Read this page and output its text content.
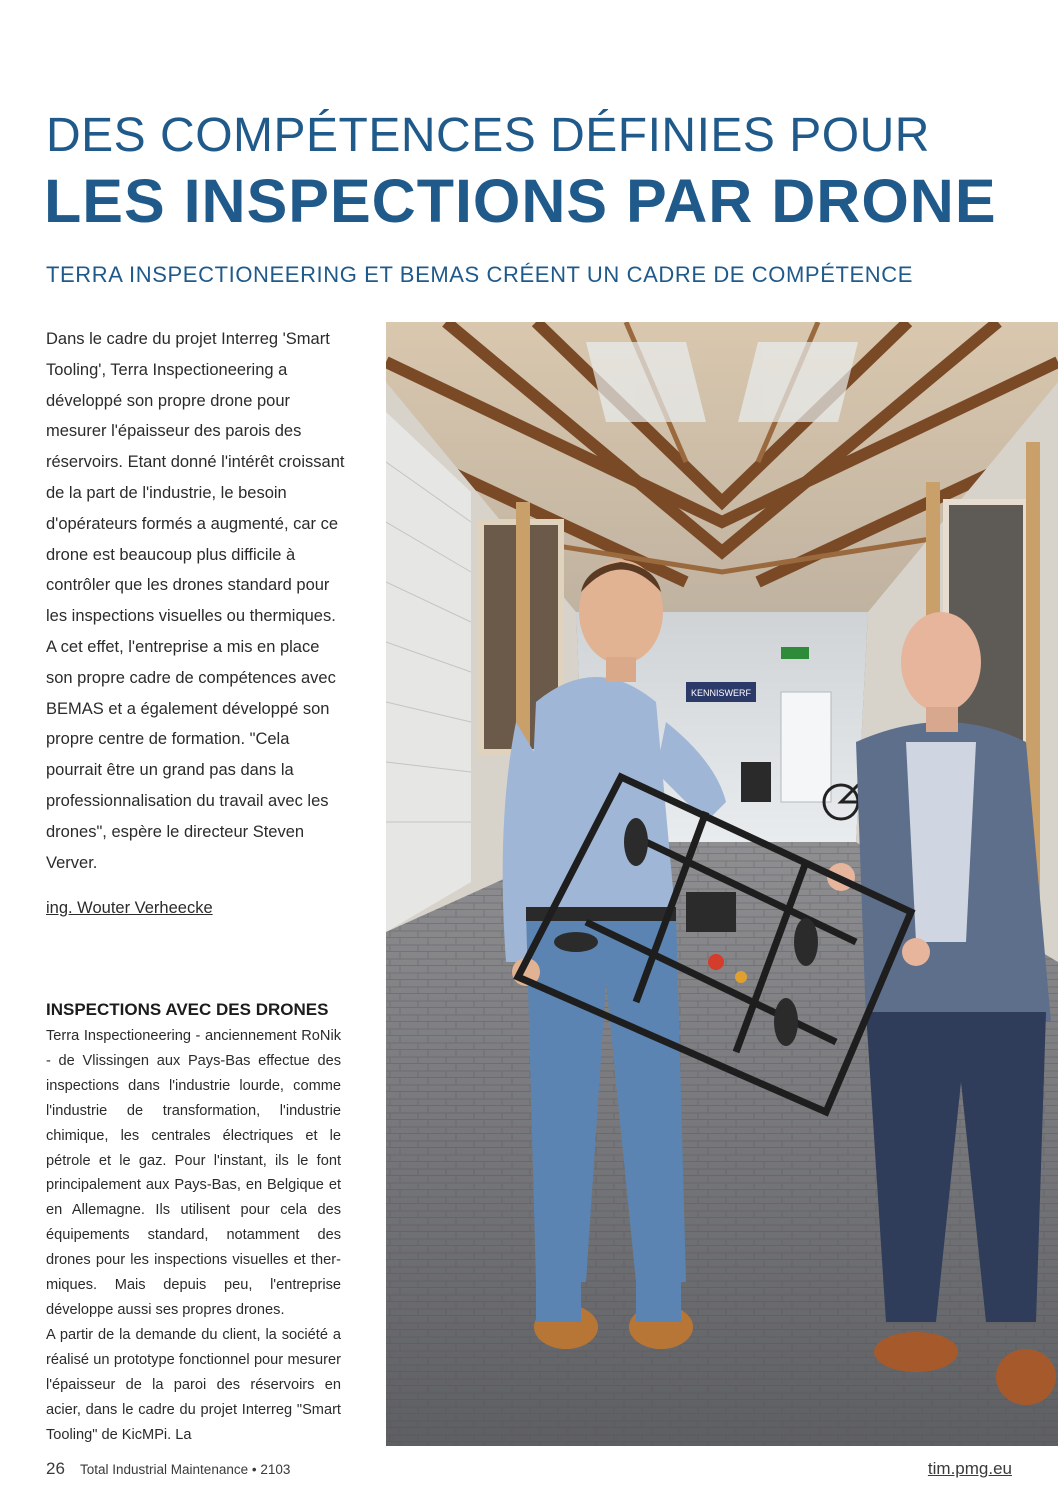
DES COMPÉTENCES DÉFINIES POUR
LES INSPECTIONS PAR DRONE
TERRA INSPECTIONEERING ET BEMAS CRÉENT UN CADRE DE COMPÉTENCE
Dans le cadre du projet Interreg 'Smart Tooling', Terra Inspectioneering a développé son propre drone pour mesurer l'épaisseur des parois des réservoirs. Etant donné l'intérêt croissant de la part de l'industrie, le besoin d'opérateurs formés a augmenté, car ce drone est beaucoup plus difficile à contrôler que les drones standard pour les inspections visuelles ou thermiques. A cet effet, l'entreprise a mis en place son propre cadre de compétences avec BEMAS et a également développé son propre centre de formation. "Cela pourrait être un grand pas dans la professionnalisation du travail avec les drones", espère le directeur Steven Verver.
ing. Wouter Verheecke
INSPECTIONS AVEC DES DRONES

Terra Inspectioneering - anciennement RoNik - de Vlissingen aux Pays-Bas effectue des inspections dans l'industrie lourde, comme l'industrie de transformation, l'industrie chimique, les centrales électriques et le pétrole et le gaz. Pour l'instant, ils le font principalement aux Pays-Bas, en Belgique et en Allemagne. Ils utilisent pour cela des équipements standard, notamment des drones pour les inspections visuelles et thermiques. Mais depuis peu, l'entreprise développe aussi ses propres drones.

A partir de la demande du client, la société a réalisé un prototype fonctionnel pour mesurer l'épaisseur de la paroi des réservoirs en acier, dans le cadre du projet Interreg "Smart Tooling" de KicMPi. La

KENNISWERF
26 Total Industrial Maintenance • 2103	tim.pmg.eu
